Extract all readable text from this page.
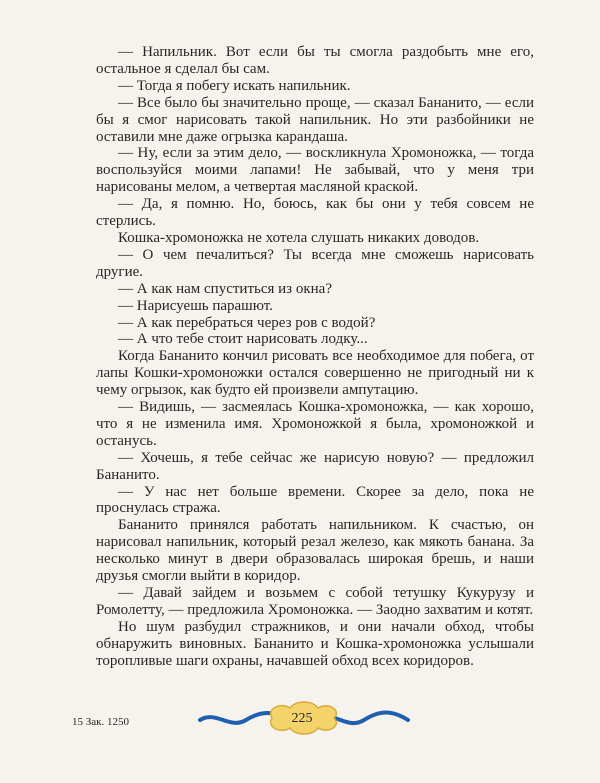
— Напильник. Вот если бы ты смогла раздобыть мне его, остальное я сделал бы сам.

— Тогда я побегу искать напильник.

— Все было бы значительно проще, — сказал Бананито, — если бы я смог нарисовать такой напильник. Но эти разбойники не оставили мне даже огрызка карандаша.

— Ну, если за этим дело, — воскликнула Хромоножка, — тогда воспользуйся моими лапами! Не забывай, что у меня три нарисованы мелом, а четвертая масляной краской.

— Да, я помню. Но, боюсь, как бы они у тебя совсем не стерлись.

Кошка-хромоножка не хотела слушать никаких доводов.

— О чем печалиться? Ты всегда мне сможешь нарисовать другие.

— А как нам спуститься из окна?

— Нарисуешь парашют.

— А как перебраться через ров с водой?

— А что тебе стоит нарисовать лодку...

Когда Бананито кончил рисовать все необходимое для побега, от лапы Кошки-хромоножки остался совершенно не пригодный ни к чему огрызок, как будто ей произвели ампутацию.

— Видишь, — засмеялась Кошка-хромоножка, — как хорошо, что я не изменила имя. Хромоножкой я была, хромоножкой и останусь.

— Хочешь, я тебе сейчас же нарисую новую? — предложил Бананито.

— У нас нет больше времени. Скорее за дело, пока не проснулась стража.

Бананито принялся работать напильником. К счастью, он нарисовал напильник, который резал железо, как мякоть банана. За несколько минут в двери образовалась широкая брешь, и наши друзья смогли выйти в коридор.

— Давай зайдем и возьмем с собой тетушку Кукурузу и Ромолетту, — предложила Хромоножка. — Заодно захватим и котят.

Но шум разбудил стражников, и они начали обход, чтобы обнаружить виновных. Бананито и Кошка-хромоножка услышали торопливые шаги охраны, начавшей обход всех коридоров.

15 Зак. 1250	225
